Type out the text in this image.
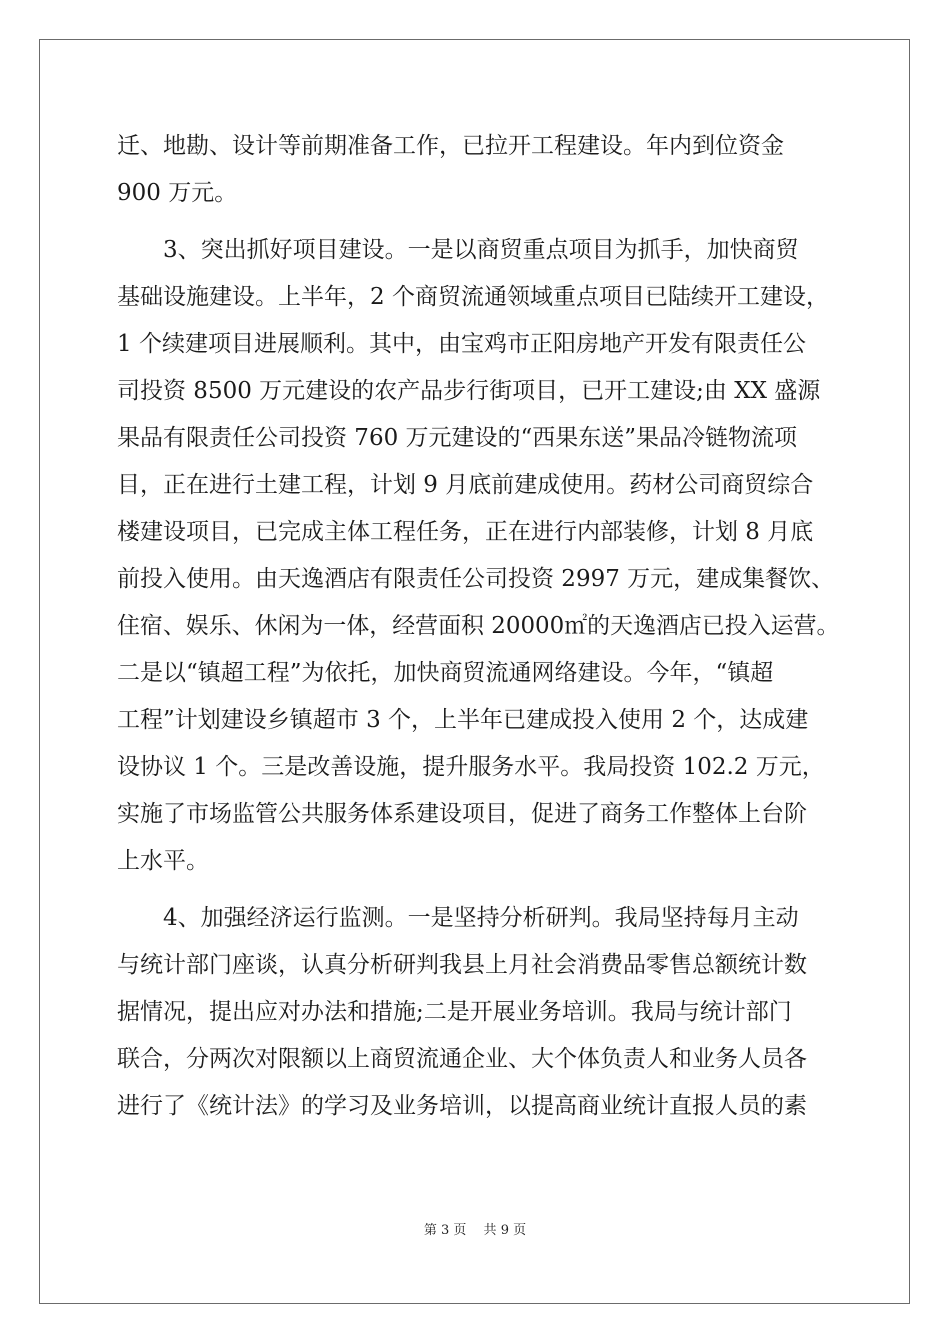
迁、地勘、设计等前期准备工作，已拉开工程建设。年内到位资金
900 万元。
3、突出抓好项目建设。一是以商贸重点项目为抓手，加快商贸
基础设施建设。上半年，2 个商贸流通领域重点项目已陆续开工建设，
1 个续建项目进展顺利。其中，由宝鸡市正阳房地产开发有限责任公
司投资 8500 万元建设的农产品步行街项目，已开工建设;由 XX 盛源
果品有限责任公司投资 760 万元建设的“西果东送”果品冷链物流项
目，正在进行土建工程，计划 9 月底前建成使用。药材公司商贸综合
楼建设项目，已完成主体工程任务，正在进行内部装修，计划 8 月底
前投入使用。由天逸酒店有限责任公司投资 2997 万元，建成集餐饮、
住宿、娱乐、休闲为一体，经营面积 20000㎡的天逸酒店已投入运营。
二是以“镇超工程”为依托，加快商贸流通网络建设。今年，“镇超
工程”计划建设乡镇超市 3 个，上半年已建成投入使用 2 个，达成建
设协议 1 个。三是改善设施，提升服务水平。我局投资 102.2 万元，
实施了市场监管公共服务体系建设项目，促进了商务工作整体上台阶
上水平。
4、加强经济运行监测。一是坚持分析研判。我局坚持每月主动
与统计部门座谈，认真分析研判我县上月社会消费品零售总额统计数
据情况，提出应对办法和措施;二是开展业务培训。我局与统计部门
联合，分两次对限额以上商贸流通企业、大个体负责人和业务人员各
进行了《统计法》的学习及业务培训，以提高商业统计直报人员的素
第 3 页　 共 9 页
